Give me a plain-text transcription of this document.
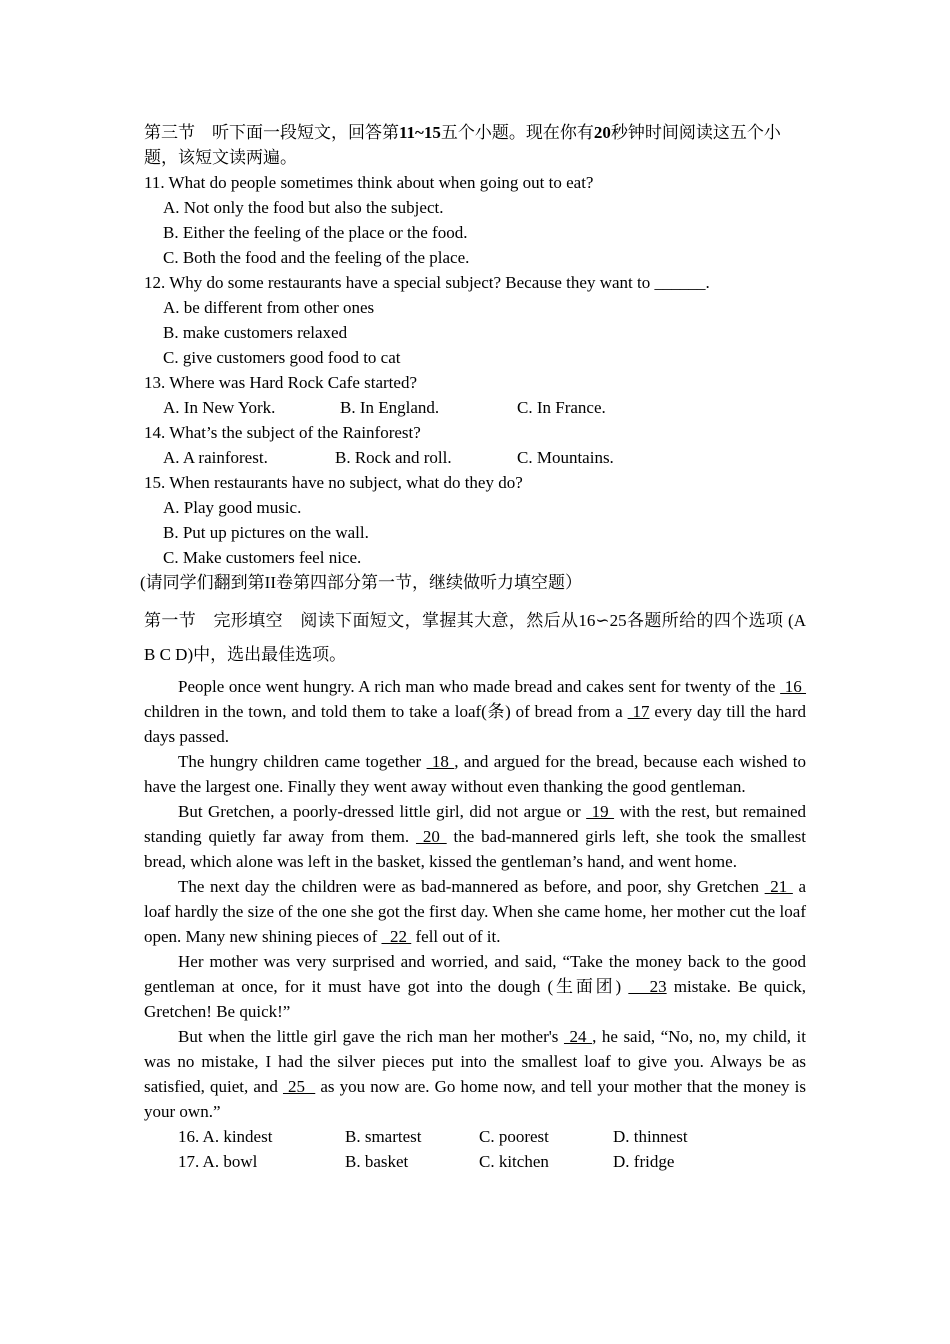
第三节　听下面一段短文，回答第11~15五个小题。现在你有20秒钟时间阅读这五个小题，该短文读两遍。
11. What do people sometimes think about when going out to eat?
A. Not only the food but also the subject.
B. Either the feeling of the place or the food.
C. Both the food and the feeling of the place.
12. Why do some restaurants have a special subject? Because they want to ______.
A. be different from other ones
B. make customers relaxed
C. give customers good food to cat
13. Where was Hard Rock Cafe started?
A. In New York.	B. In England.	C. In France.
14. What’s the subject of the Rainforest?
A. A rainforest.	B. Rock and roll.	C. Mountains.
15. When restaurants have no subject, what do they do?
A. Play good music.
B. Put up pictures on the wall.
C. Make customers feel nice.
(请同学们翻到第II卷第四部分第一节，继续做听力填空题）
第一节　完形填空　阅读下面短文，掌握其大意，然后从16∽25各题所给的四个选项 (A B C D)中，选出最佳选项。

People once went hungry. A rich man who made bread and cakes sent for twenty of the  16  children in the town, and told them to take a loaf(条) of bread from a  17 every day till the hard days passed.

The hungry children came together  18 , and argued for the bread, because each wished to have the largest one. Finally they went away without even thanking the good gentleman.

But Gretchen, a poorly-dressed little girl, did not argue or  19  with the rest, but remained standing quietly far away from them.  20  the bad-mannered girls left, she took the smallest bread, which alone was left in the basket, kissed the gentleman’s hand, and went home.

The next day the children were as bad-mannered as before, and poor, shy Gretchen  21  a loaf hardly the size of the one she got the first day. When she came home, her mother cut the loaf open. Many new shining pieces of   22  fell out of it.

Her mother was very surprised and worried, and said, “Take the money back to the good gentleman at once, for it must have got into the dough (生面团)    23 mistake. Be quick, Gretchen! Be quick!”

But when the little girl gave the rich man her mother's  24 , he said, “No, no, my child, it was no mistake, I had the silver pieces put into the smallest loaf to give you. Always be as satisfied, quiet, and  25   as you now are. Go home now, and tell your mother that the money is your own.”

16. A. kindest	B. smartest	C. poorest	D. thinnest
17. A. bowl	B. basket	C. kitchen	D. fridge
